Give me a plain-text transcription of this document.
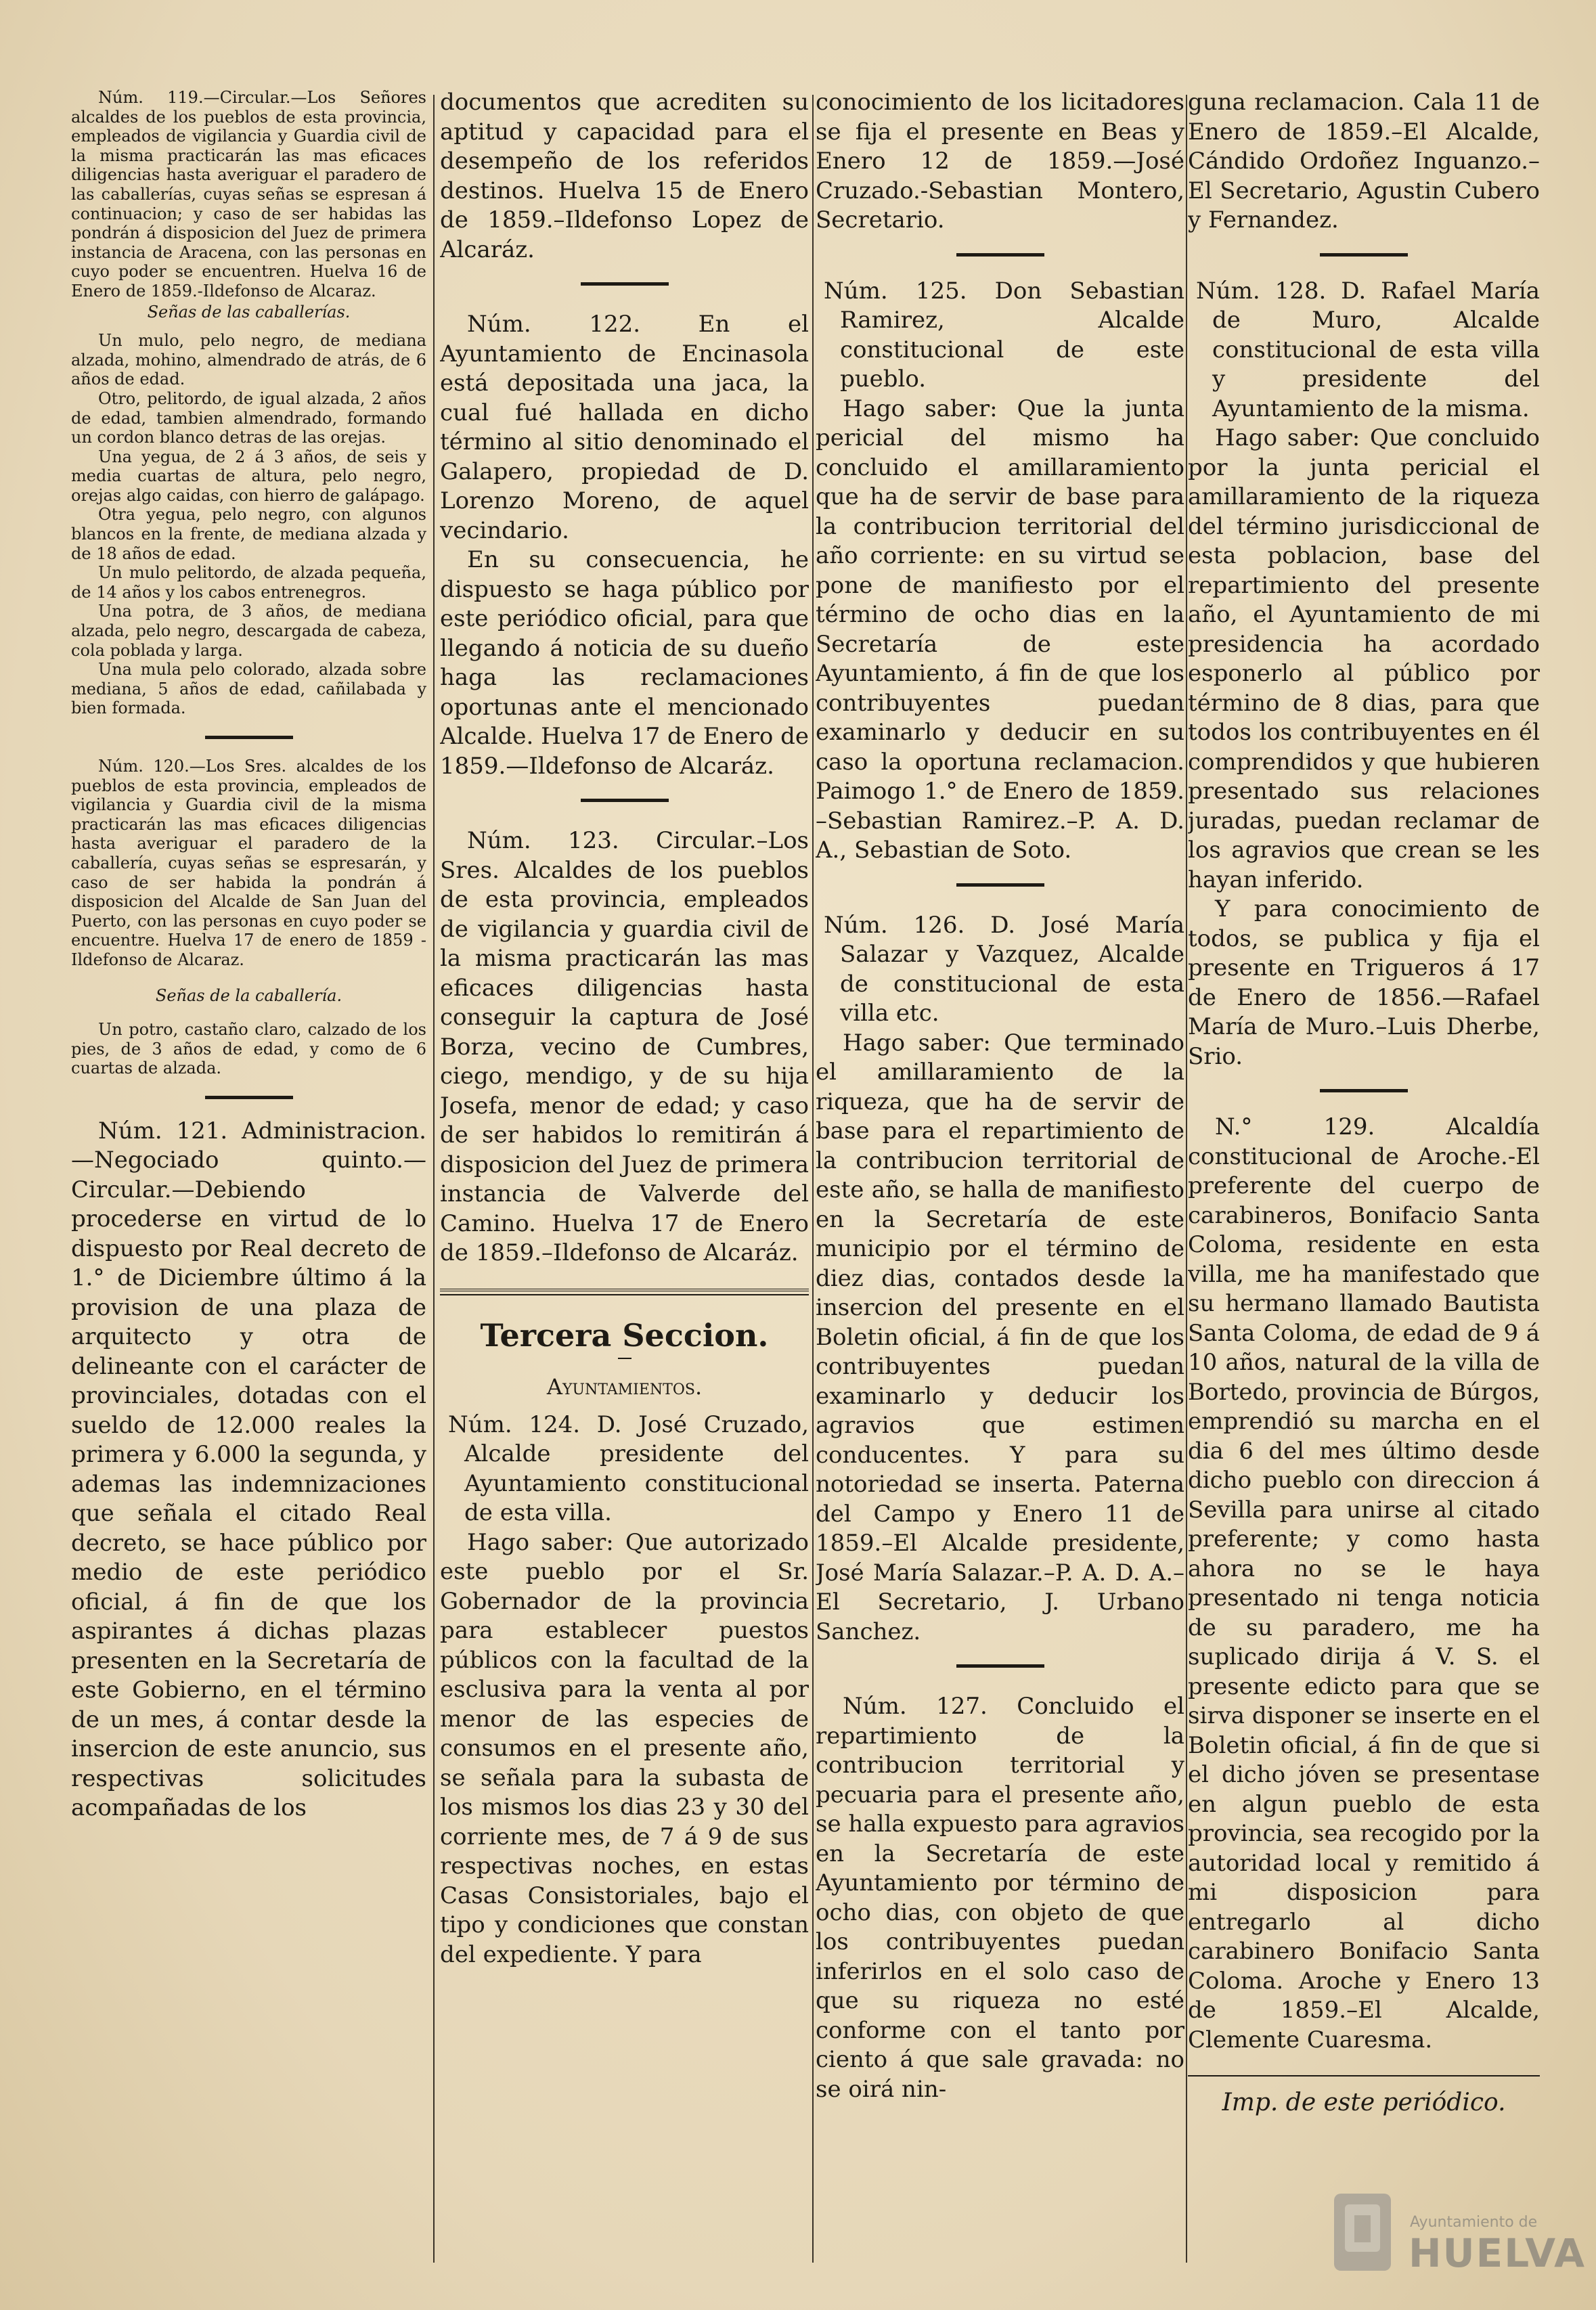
Núm. 119.—Circular.—Los Señores alcaldes de los pueblos de esta provincia, empleados de vigilancia y Guardia civil de la misma practicarán las mas eficaces diligencias hasta averiguar el paradero de las caballerías, cuyas señas se espresan á continuacion; y caso de ser habidas las pondrán á disposicion del Juez de primera instancia de Aracena, con las personas en cuyo poder se encuentren. Huelva 16 de Enero de 1859.-Ildefonso de Alcaraz.

Señas de las caballerías.

Un mulo, pelo negro, de mediana alzada, mohino, almendrado de atrás, de 6 años de edad.

Otro, pelitordo, de igual alzada, 2 años de edad, tambien almendrado, formando un cordon blanco detras de las orejas.

Una yegua, de 2 á 3 años, de seis y media cuartas de altura, pelo negro, orejas algo caidas, con hierro de galápago.

Otra yegua, pelo negro, con algunos blancos en la frente, de mediana alzada y de 18 años de edad.

Un mulo pelitordo, de alzada pequeña, de 14 años y los cabos entrenegros.

Una potra, de 3 años, de mediana alzada, pelo negro, descargada de cabeza, cola poblada y larga.

Una mula pelo colorado, alzada sobre mediana, 5 años de edad, cañilabada y bien formada.

Núm. 120.—Los Sres. alcaldes de los pueblos de esta provincia, empleados de vigilancia y Guardia civil de la misma practicarán las mas eficaces diligencias hasta averiguar el paradero de la caballería, cuyas señas se espresarán, y caso de ser habida la pondrán á disposicion del Alcalde de San Juan del Puerto, con las personas en cuyo poder se encuentre. Huelva 17 de enero de 1859 -Ildefonso de Alcaraz.

Señas de la caballería.

Un potro, castaño claro, calzado de los pies, de 3 años de edad, y como de 6 cuartas de alzada.

Núm. 121. Administracion.—Negociado quinto.—Circular.—Debiendo procederse en virtud de lo dispuesto por Real decreto de 1.° de Diciembre último á la provision de una plaza de arquitecto y otra de delineante con el carácter de provinciales, dotadas con el sueldo de 12.000 reales la primera y 6.000 la segunda, y ademas las indemnizaciones que señala el citado Real decreto, se hace público por medio de este periódico oficial, á fin de que los aspirantes á dichas plazas presenten en la Secretaría de este Gobierno, en el término de un mes, á contar desde la insercion de este anuncio, sus respectivas solicitudes acompañadas de los

documentos que acrediten su aptitud y capacidad para el desempeño de los referidos destinos. Huelva 15 de Enero de 1859.–Ildefonso Lopez de Alcaráz.

Núm. 122. En el Ayuntamiento de Encinasola está depositada una jaca, la cual fué hallada en dicho término al sitio denominado el Galapero, propiedad de D. Lorenzo Moreno, de aquel vecindario.

En su consecuencia, he dispuesto se haga público por este periódico oficial, para que llegando á noticia de su dueño haga las reclamaciones oportunas ante el mencionado Alcalde. Huelva 17 de Enero de 1859.—Ildefonso de Alcaráz.

Núm. 123. Circular.–Los Sres. Alcaldes de los pueblos de esta provincia, empleados de vigilancia y guardia civil de la misma practicarán las mas eficaces diligencias hasta conseguir la captura de José Borza, vecino de Cumbres, ciego, mendigo, y de su hija Josefa, menor de edad; y caso de ser habidos lo remitirán á disposicion del Juez de primera instancia de Valverde del Camino. Huelva 17 de Enero de 1859.–Ildefonso de Alcaráz.

Tercera Seccion.
Ayuntamientos.

Núm. 124. D. José Cruzado, Alcalde presidente del Ayuntamiento constitucional de esta villa.

Hago saber: Que autorizado este pueblo por el Sr. Gobernador de la provincia para establecer puestos públicos con la facultad de la esclusiva para la venta al por menor de las especies de consumos en el presente año, se señala para la subasta de los mismos los dias 23 y 30 del corriente mes, de 7 á 9 de sus respectivas noches, en estas Casas Consistoriales, bajo el tipo y condiciones que constan del expediente. Y para

conocimiento de los licitadores se fija el presente en Beas y Enero 12 de 1859.—José Cruzado.-Sebastian Montero, Secretario.

Núm. 125. Don Sebastian Ramirez, Alcalde constitucional de este pueblo.

Hago saber: Que la junta pericial del mismo ha concluido el amillaramiento que ha de servir de base para la contribucion territorial del año corriente: en su virtud se pone de manifiesto por el término de ocho dias en la Secretaría de este Ayuntamiento, á fin de que los contribuyentes puedan examinarlo y deducir en su caso la oportuna reclamacion. Paimogo 1.° de Enero de 1859. –Sebastian Ramirez.–P. A. D. A., Sebastian de Soto.

Núm. 126. D. José María Salazar y Vazquez, Alcalde de constitucional de esta villa etc.

Hago saber: Que terminado el amillaramiento de la riqueza, que ha de servir de base para el repartimiento de la contribucion territorial de este año, se halla de manifiesto en la Secretaría de este municipio por el término de diez dias, contados desde la insercion del presente en el Boletin oficial, á fin de que los contribuyentes puedan examinarlo y deducir los agravios que estimen conducentes. Y para su notoriedad se inserta. Paterna del Campo y Enero 11 de 1859.–El Alcalde presidente, José María Salazar.–P. A. D. A.–El Secretario, J. Urbano Sanchez.

Núm. 127. Concluido el repartimiento de la contribucion territorial y pecuaria para el presente año, se halla expuesto para agravios en la Secretaría de este Ayuntamiento por término de ocho dias, con objeto de que los contribuyentes puedan inferirlos en el solo caso de que su riqueza no esté conforme con el tanto por ciento á que sale gravada: no se oirá nin-

guna reclamacion. Cala 11 de Enero de 1859.–El Alcalde, Cándido Ordoñez Inguanzo.– El Secretario, Agustin Cubero y Fernandez.

Núm. 128. D. Rafael María de Muro, Alcalde constitucional de esta villa y presidente del Ayuntamiento de la misma.

Hago saber: Que concluido por la junta pericial el amillaramiento de la riqueza del término jurisdiccional de esta poblacion, base del repartimiento del presente año, el Ayuntamiento de mi presidencia ha acordado esponerlo al público por término de 8 dias, para que todos los contribuyentes en él comprendidos y que hubieren presentado sus relaciones juradas, puedan reclamar de los agravios que crean se les hayan inferido.

Y para conocimiento de todos, se publica y fija el presente en Trigueros á 17 de Enero de 1856.—Rafael María de Muro.–Luis Dherbe, Srio.

N.° 129. Alcaldía constitucional de Aroche.-El preferente del cuerpo de carabineros, Bonifacio Santa Coloma, residente en esta villa, me ha manifestado que su hermano llamado Bautista Santa Coloma, de edad de 9 á 10 años, natural de la villa de Bortedo, provincia de Búrgos, emprendió su marcha en el dia 6 del mes último desde dicho pueblo con direccion á Sevilla para unirse al citado preferente; y como hasta ahora no se le haya presentado ni tenga noticia de su paradero, me ha suplicado dirija á V. S. el presente edicto para que se sirva disponer se inserte en el Boletin oficial, á fin de que si el dicho jóven se presentase en algun pueblo de esta provincia, sea recogido por la autoridad local y remitido á mi disposicion para entregarlo al dicho carabinero Bonifacio Santa Coloma. Aroche y Enero 13 de 1859.–El Alcalde, Clemente Cuaresma.

Imp. de este periódico.
Ayuntamiento de
HUELVA
